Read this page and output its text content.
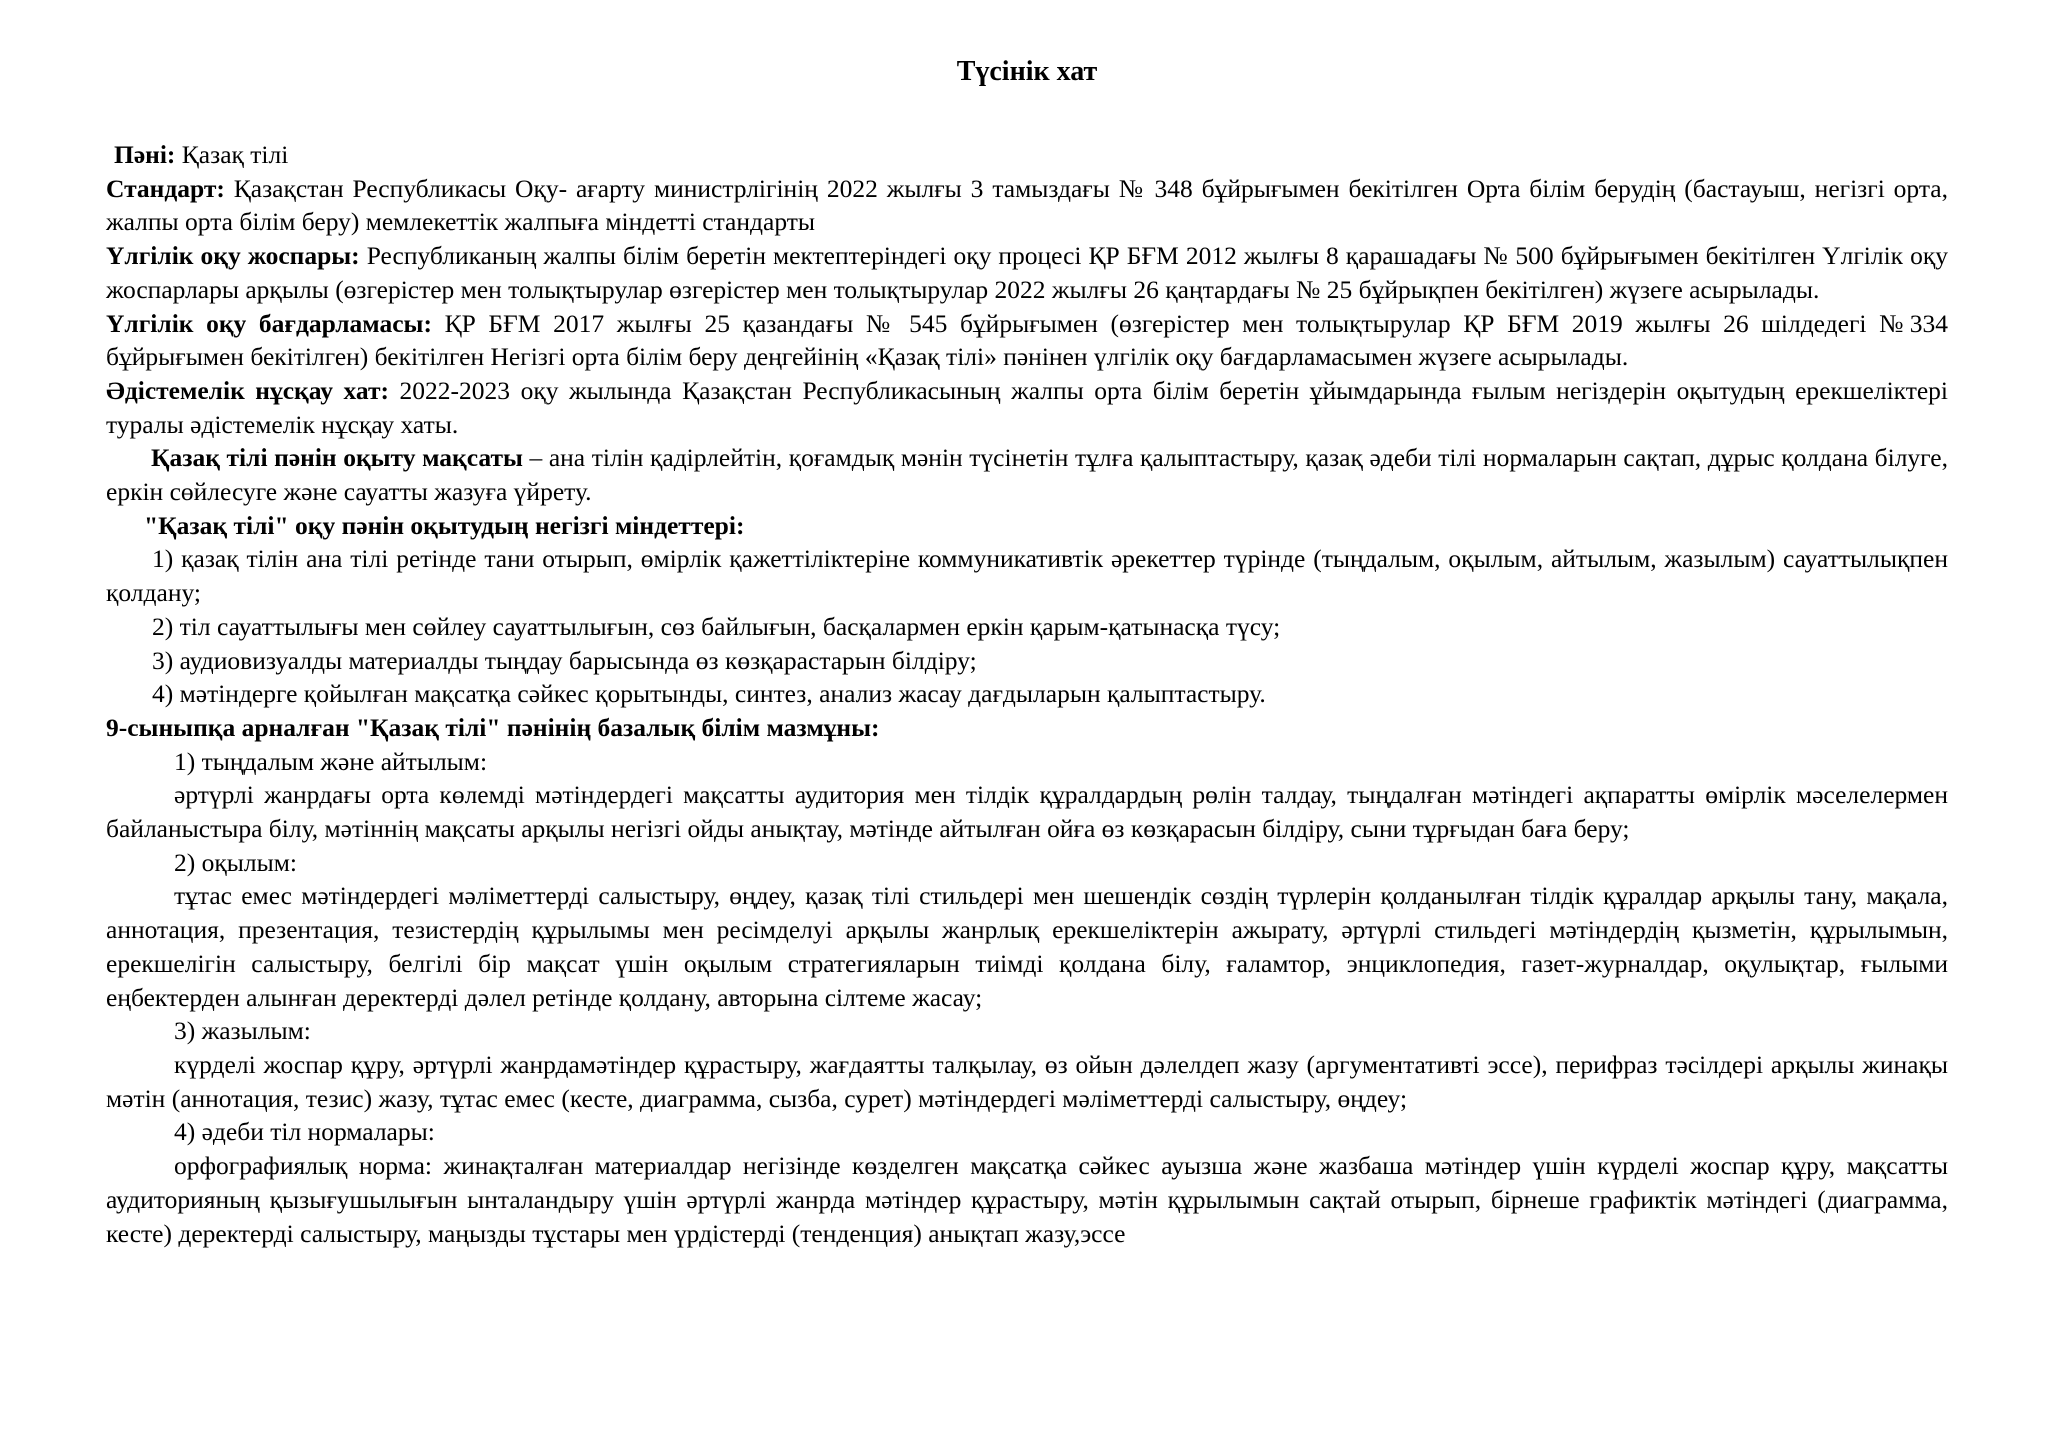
Түсінік хат

Пәні: Қазақ тілі

Стандарт: Қазақстан Республикасы Оқу- ағарту министрлігінің 2022 жылғы 3 тамыздағы № 348 бұйрығымен бекітілген Орта білім берудің (бастауыш, негізгі орта, жалпы орта білім беру) мемлекеттік жалпыға міндетті стандарты

Үлгілік оқу жоспары: Республиканың жалпы білім беретін мектептеріндегі оқу процесі ҚР БҒМ 2012 жылғы 8 қарашадағы № 500 бұйрығымен бекітілген Үлгілік оқу жоспарлары арқылы (өзгерістер мен толықтырулар өзгерістер мен толықтырулар 2022 жылғы 26 қаңтардағы № 25 бұйрықпен бекітілген) жүзеге асырылады.

Үлгілік оқу бағдарламасы: ҚР БҒМ 2017 жылғы 25 қазандағы № 545 бұйрығымен (өзгерістер мен толықтырулар ҚР БҒМ 2019 жылғы 26 шілдедегі №334 бұйрығымен бекітілген) бекітілген Негізгі орта білім беру деңгейінің «Қазақ тілі» пәнінен үлгілік оқу бағдарламасымен жүзеге асырылады.

Әдістемелік нұсқау хат: 2022-2023 оқу жылында Қазақстан Республикасының жалпы орта білім беретін ұйымдарында ғылым негіздерін оқытудың ерекшеліктері туралы әдістемелік нұсқау хаты.

Қазақ тілі пәнін оқыту мақсаты – ана тілін қадірлейтін, қоғамдық мәнін түсінетін тұлға қалыптастыру, қазақ әдеби тілі нормаларын сақтап, дұрыс қолдана білуге, еркін сөйлесуге және сауатты жазуға үйрету.

"Қазақ тілі" оқу пәнін оқытудың негізгі міндеттері:

1) қазақ тілін ана тілі ретінде тани отырып, өмірлік қажеттіліктеріне коммуникативтік әрекеттер түрінде (тыңдалым, оқылым, айтылым, жазылым) сауаттылықпен қолдану;

2) тіл сауаттылығы мен сөйлеу сауаттылығын, сөз байлығын, басқалармен еркін қарым-қатынасқа түсу;

3) аудиовизуалды материалды тыңдау барысында өз көзқарастарын білдіру;

4) мәтіндерге қойылған мақсатқа сәйкес қорытынды, синтез, анализ жасау дағдыларын қалыптастыру.

9-сыныпқа арналған "Қазақ тілі" пәнінің базалық білім мазмұны:

1) тыңдалым және айтылым:

әртүрлі жанрдағы орта көлемді мәтіндердегі мақсатты аудитория мен тілдік құралдардың рөлін талдау, тыңдалған мәтіндегі ақпаратты өмірлік мәселелермен байланыстыра білу, мәтіннің мақсаты арқылы негізгі ойды анықтау, мәтінде айтылған ойға өз көзқарасын білдіру, сыни тұрғыдан баға беру;

2) оқылым:

тұтас емес мәтіндердегі мәліметтерді салыстыру, өңдеу, қазақ тілі стильдері мен шешендік сөздің түрлерін қолданылған тілдік құралдар арқылы тану, мақала, аннотация, презентация, тезистердің құрылымы мен ресімделуі арқылы жанрлық ерекшеліктерін ажырату, әртүрлі стильдегі мәтіндердің қызметін, құрылымын, ерекшелігін салыстыру, белгілі бір мақсат үшін оқылым стратегияларын тиімді қолдана білу, ғаламтор, энциклопедия, газет-журналдар, оқулықтар, ғылыми еңбектерден алынған деректерді дәлел ретінде қолдану, авторына сілтеме жасау;

3) жазылым:

күрделі жоспар құру, әртүрлі жанрдамәтіндер құрастыру, жағдаятты талқылау, өз ойын дәлелдеп жазу (аргументативті эссе), перифраз тәсілдері арқылы жинақы мәтін (аннотация, тезис) жазу, тұтас емес (кесте, диаграмма, сызба, сурет) мәтіндердегі мәліметтерді салыстыру, өңдеу;

4) әдеби тіл нормалары:

орфографиялық норма: жинақталған материалдар негізінде көзделген мақсатқа сәйкес ауызша және жазбаша мәтіндер үшін күрделі жоспар құру, мақсатты аудиторияның қызығушылығын ынталандыру үшін әртүрлі жанрда мәтіндер құрастыру, мәтін құрылымын сақтай отырып, бірнеше графиктік мәтіндегі (диаграмма, кесте) деректерді салыстыру, маңызды тұстары мен үрдістерді (тенденция) анықтап жазу,эссе
